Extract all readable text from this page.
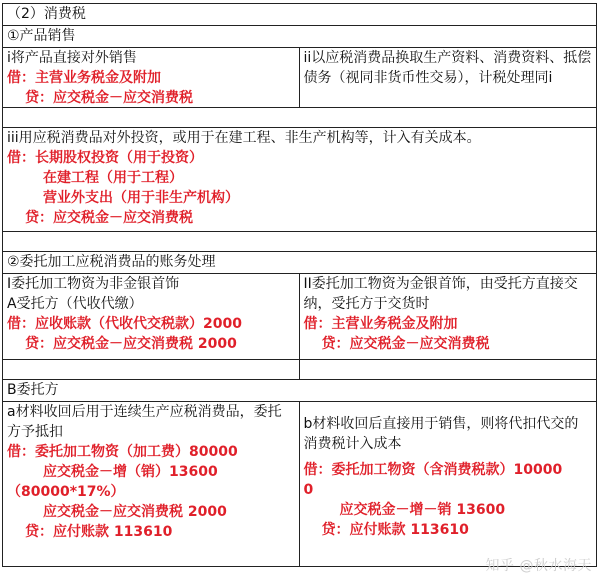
（2）消费税
①产品销售
i将产品直接对外销售
借：主营业务税金及附加
贷：应交税金－应交消费税
ii以应税消费品换取生产资料、消费资料、抵偿债务（视同非货币性交易），计税处理同i
iii用应税消费品对外投资，或用于在建工程、非生产机构等，计入有关成本。
借：长期股权投资（用于投资）
在建工程（用于工程）
营业外支出（用于非生产机构）
贷：应交税金－应交消费税
②委托加工应税消费品的账务处理
I委托加工物资为非金银首饰
A受托方（代收代缴）
借：应收账款（代收代交税款）2000
贷：应交税金－应交消费税 2000
II委托加工物资为金银首饰，由受托方直接交纳，受托方于交货时
借：主营业务税金及附加
贷：应交税金－应交消费税
B委托方
a材料收回后用于连续生产应税消费品，委托方予抵扣
借：委托加工物资（加工费）80000
应交税金－增（销）13600
（80000*17%）
应交税金－应交消费税 2000
贷：应付账款 113610
b材料收回后直接用于销售，则将代扣代交的消费税计入成本
借：委托加工物资（含消费税款）10000
0
应交税金－增－销 13600
贷：应付账款 113610
知乎 @秋水海天
